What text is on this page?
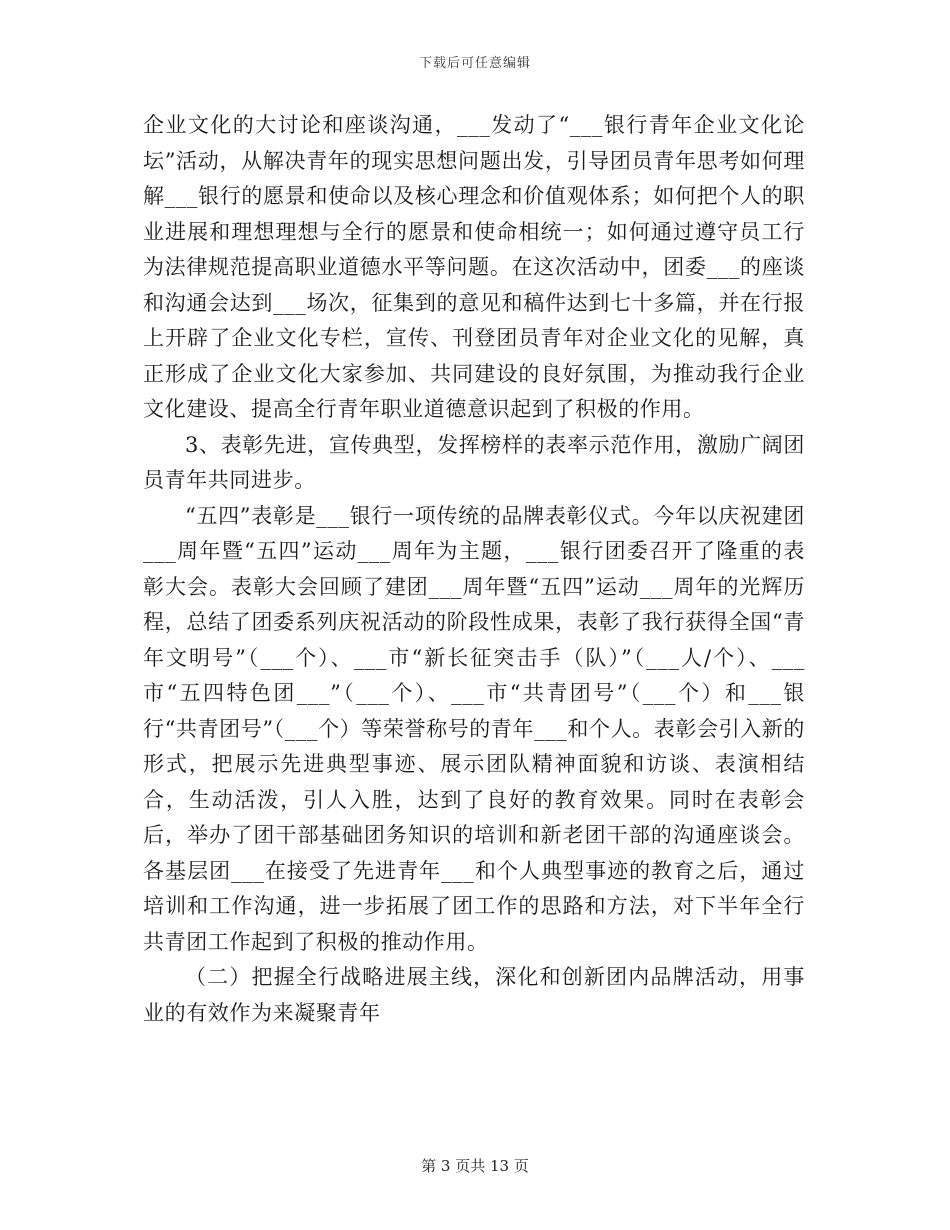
下载后可任意编辑

企业文化的大讨论和座谈沟通，___发动了“___银行青年企业文化论坛”活动，从解决青年的现实思想问题出发，引导团员青年思考如何理解___银行的愿景和使命以及核心理念和价值观体系；如何把个人的职业进展和理想理想与全行的愿景和使命相统一；如何通过遵守员工行为法律规范提高职业道德水平等问题。在这次活动中，团委___的座谈和沟通会达到___场次，征集到的意见和稿件达到七十多篇，并在行报上开辟了企业文化专栏，宣传、刊登团员青年对企业文化的见解，真正形成了企业文化大家参加、共同建设的良好氛围，为推动我行企业文化建设、提高全行青年职业道德意识起到了积极的作用。

3、表彰先进，宣传典型，发挥榜样的表率示范作用，激励广阔团员青年共同进步。

“五四”表彰是___银行一项传统的品牌表彰仪式。今年以庆祝建团___周年暨“五四”运动___周年为主题，___银行团委召开了隆重的表彰大会。表彰大会回顾了建团___周年暨“五四”运动___周年的光辉历程，总结了团委系列庆祝活动的阶段性成果，表彰了我行获得全国“青年文明号”（___个）、___市“新长征突击手（队）”（___人/个）、___市“五四特色团___”（___个）、___市“共青团号”（___个）和___银行“共青团号”（___个）等荣誉称号的青年___和个人。表彰会引入新的形式，把展示先进典型事迹、展示团队精神面貌和访谈、表演相结合，生动活泼，引人入胜，达到了良好的教育效果。同时在表彰会后，举办了团干部基础团务知识的培训和新老团干部的沟通座谈会。各基层团___在接受了先进青年___和个人典型事迹的教育之后，通过培训和工作沟通，进一步拓展了团工作的思路和方法，对下半年全行共青团工作起到了积极的推动作用。

（二）把握全行战略进展主线，深化和创新团内品牌活动，用事业的有效作为来凝聚青年

第 3 页共 13 页
